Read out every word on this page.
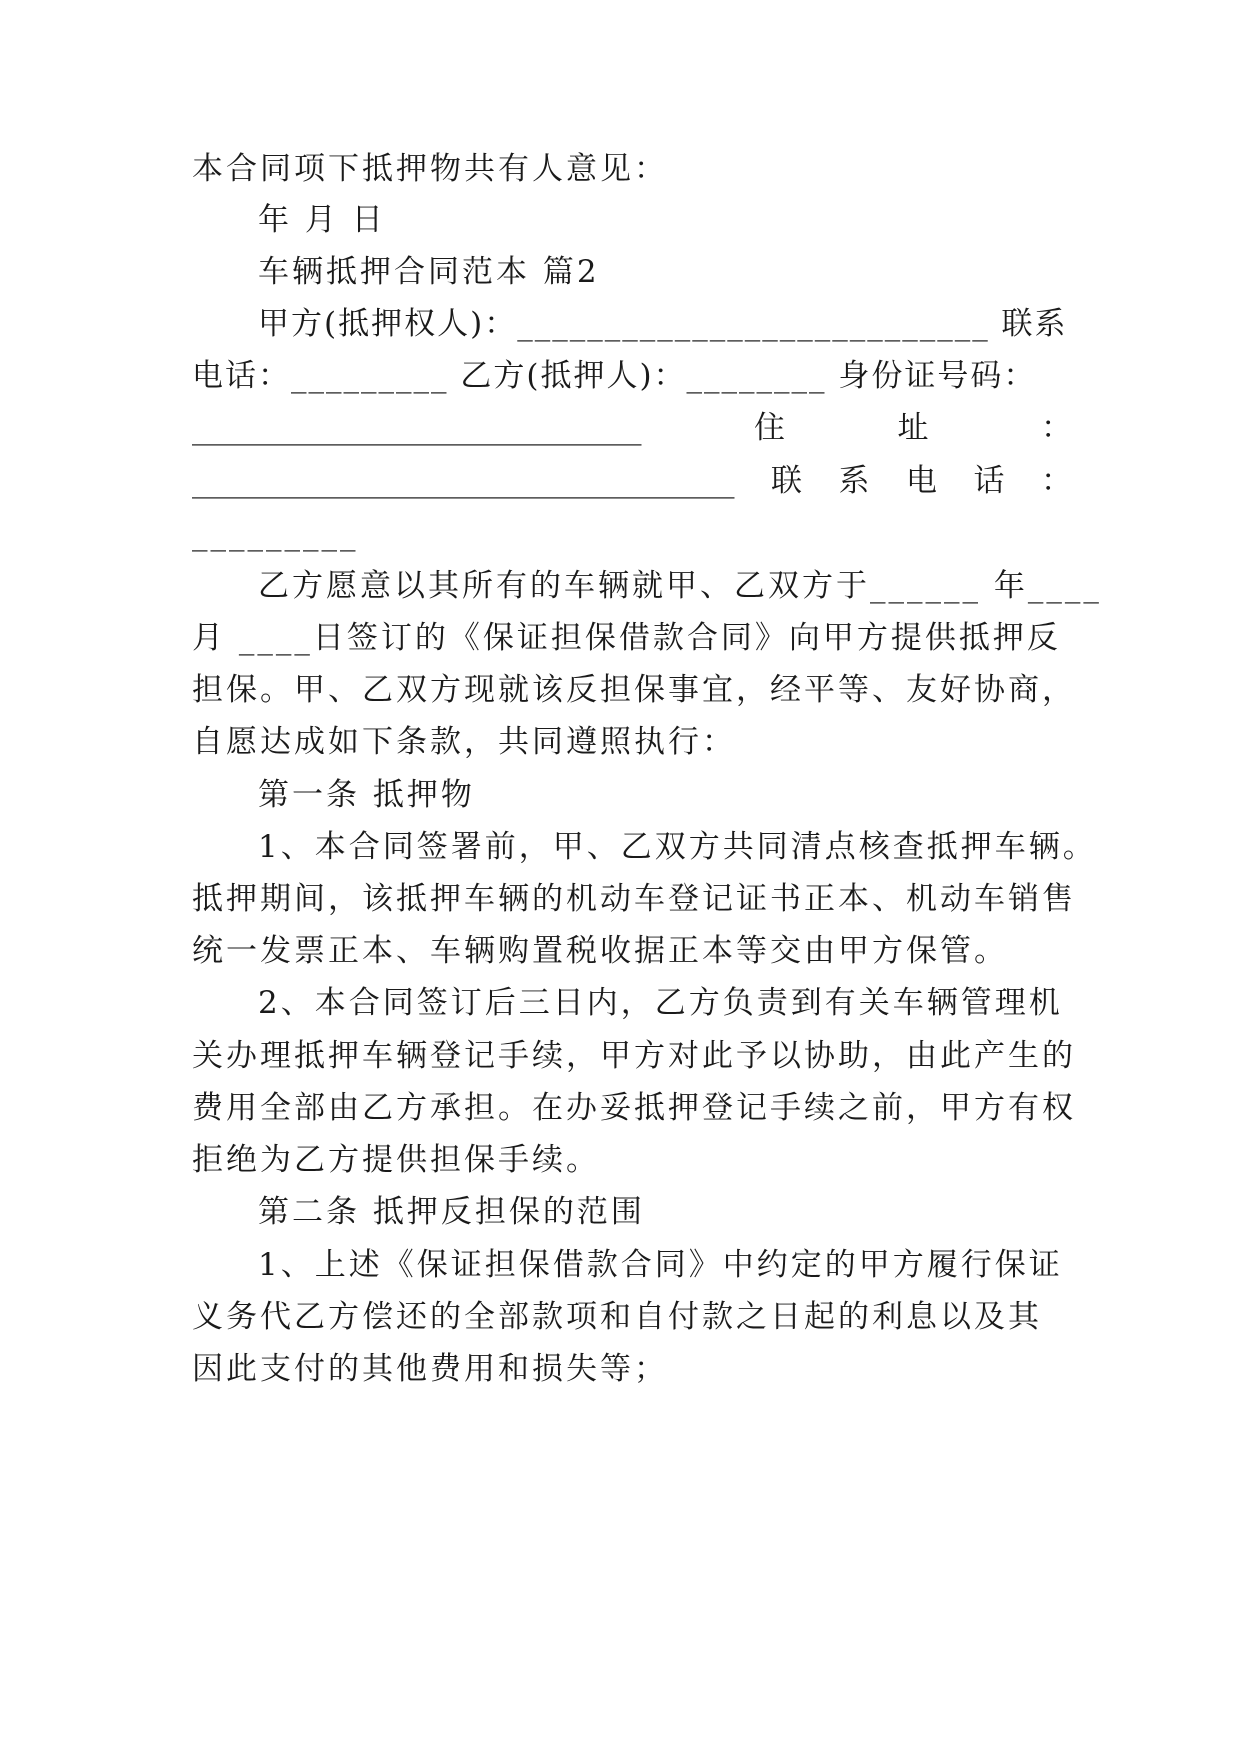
本合同项下抵押物共有人意见：
年 月 日
车辆抵押合同范本 篇2
甲方(抵押权人)：___________________________ 联系
电话：_________ 乙方(抵押人)：________ 身份证号码：
_____________________________	住	址	：
___________________________________ 联 系 电 话 ：
_________
乙方愿意以其所有的车辆就甲、乙双方于______ 年____
月 ____日签订的《保证担保借款合同》向甲方提供抵押反
担保。甲、乙双方现就该反担保事宜，经平等、友好协商，
自愿达成如下条款，共同遵照执行：
第一条 抵押物
1、本合同签署前，甲、乙双方共同清点核查抵押车辆。
抵押期间，该抵押车辆的机动车登记证书正本、机动车销售
统一发票正本、车辆购置税收据正本等交由甲方保管。
2、本合同签订后三日内，乙方负责到有关车辆管理机
关办理抵押车辆登记手续，甲方对此予以协助，由此产生的
费用全部由乙方承担。在办妥抵押登记手续之前，甲方有权
拒绝为乙方提供担保手续。
第二条 抵押反担保的范围
1、上述《保证担保借款合同》中约定的甲方履行保证
义务代乙方偿还的全部款项和自付款之日起的利息以及其
因此支付的其他费用和损失等；
